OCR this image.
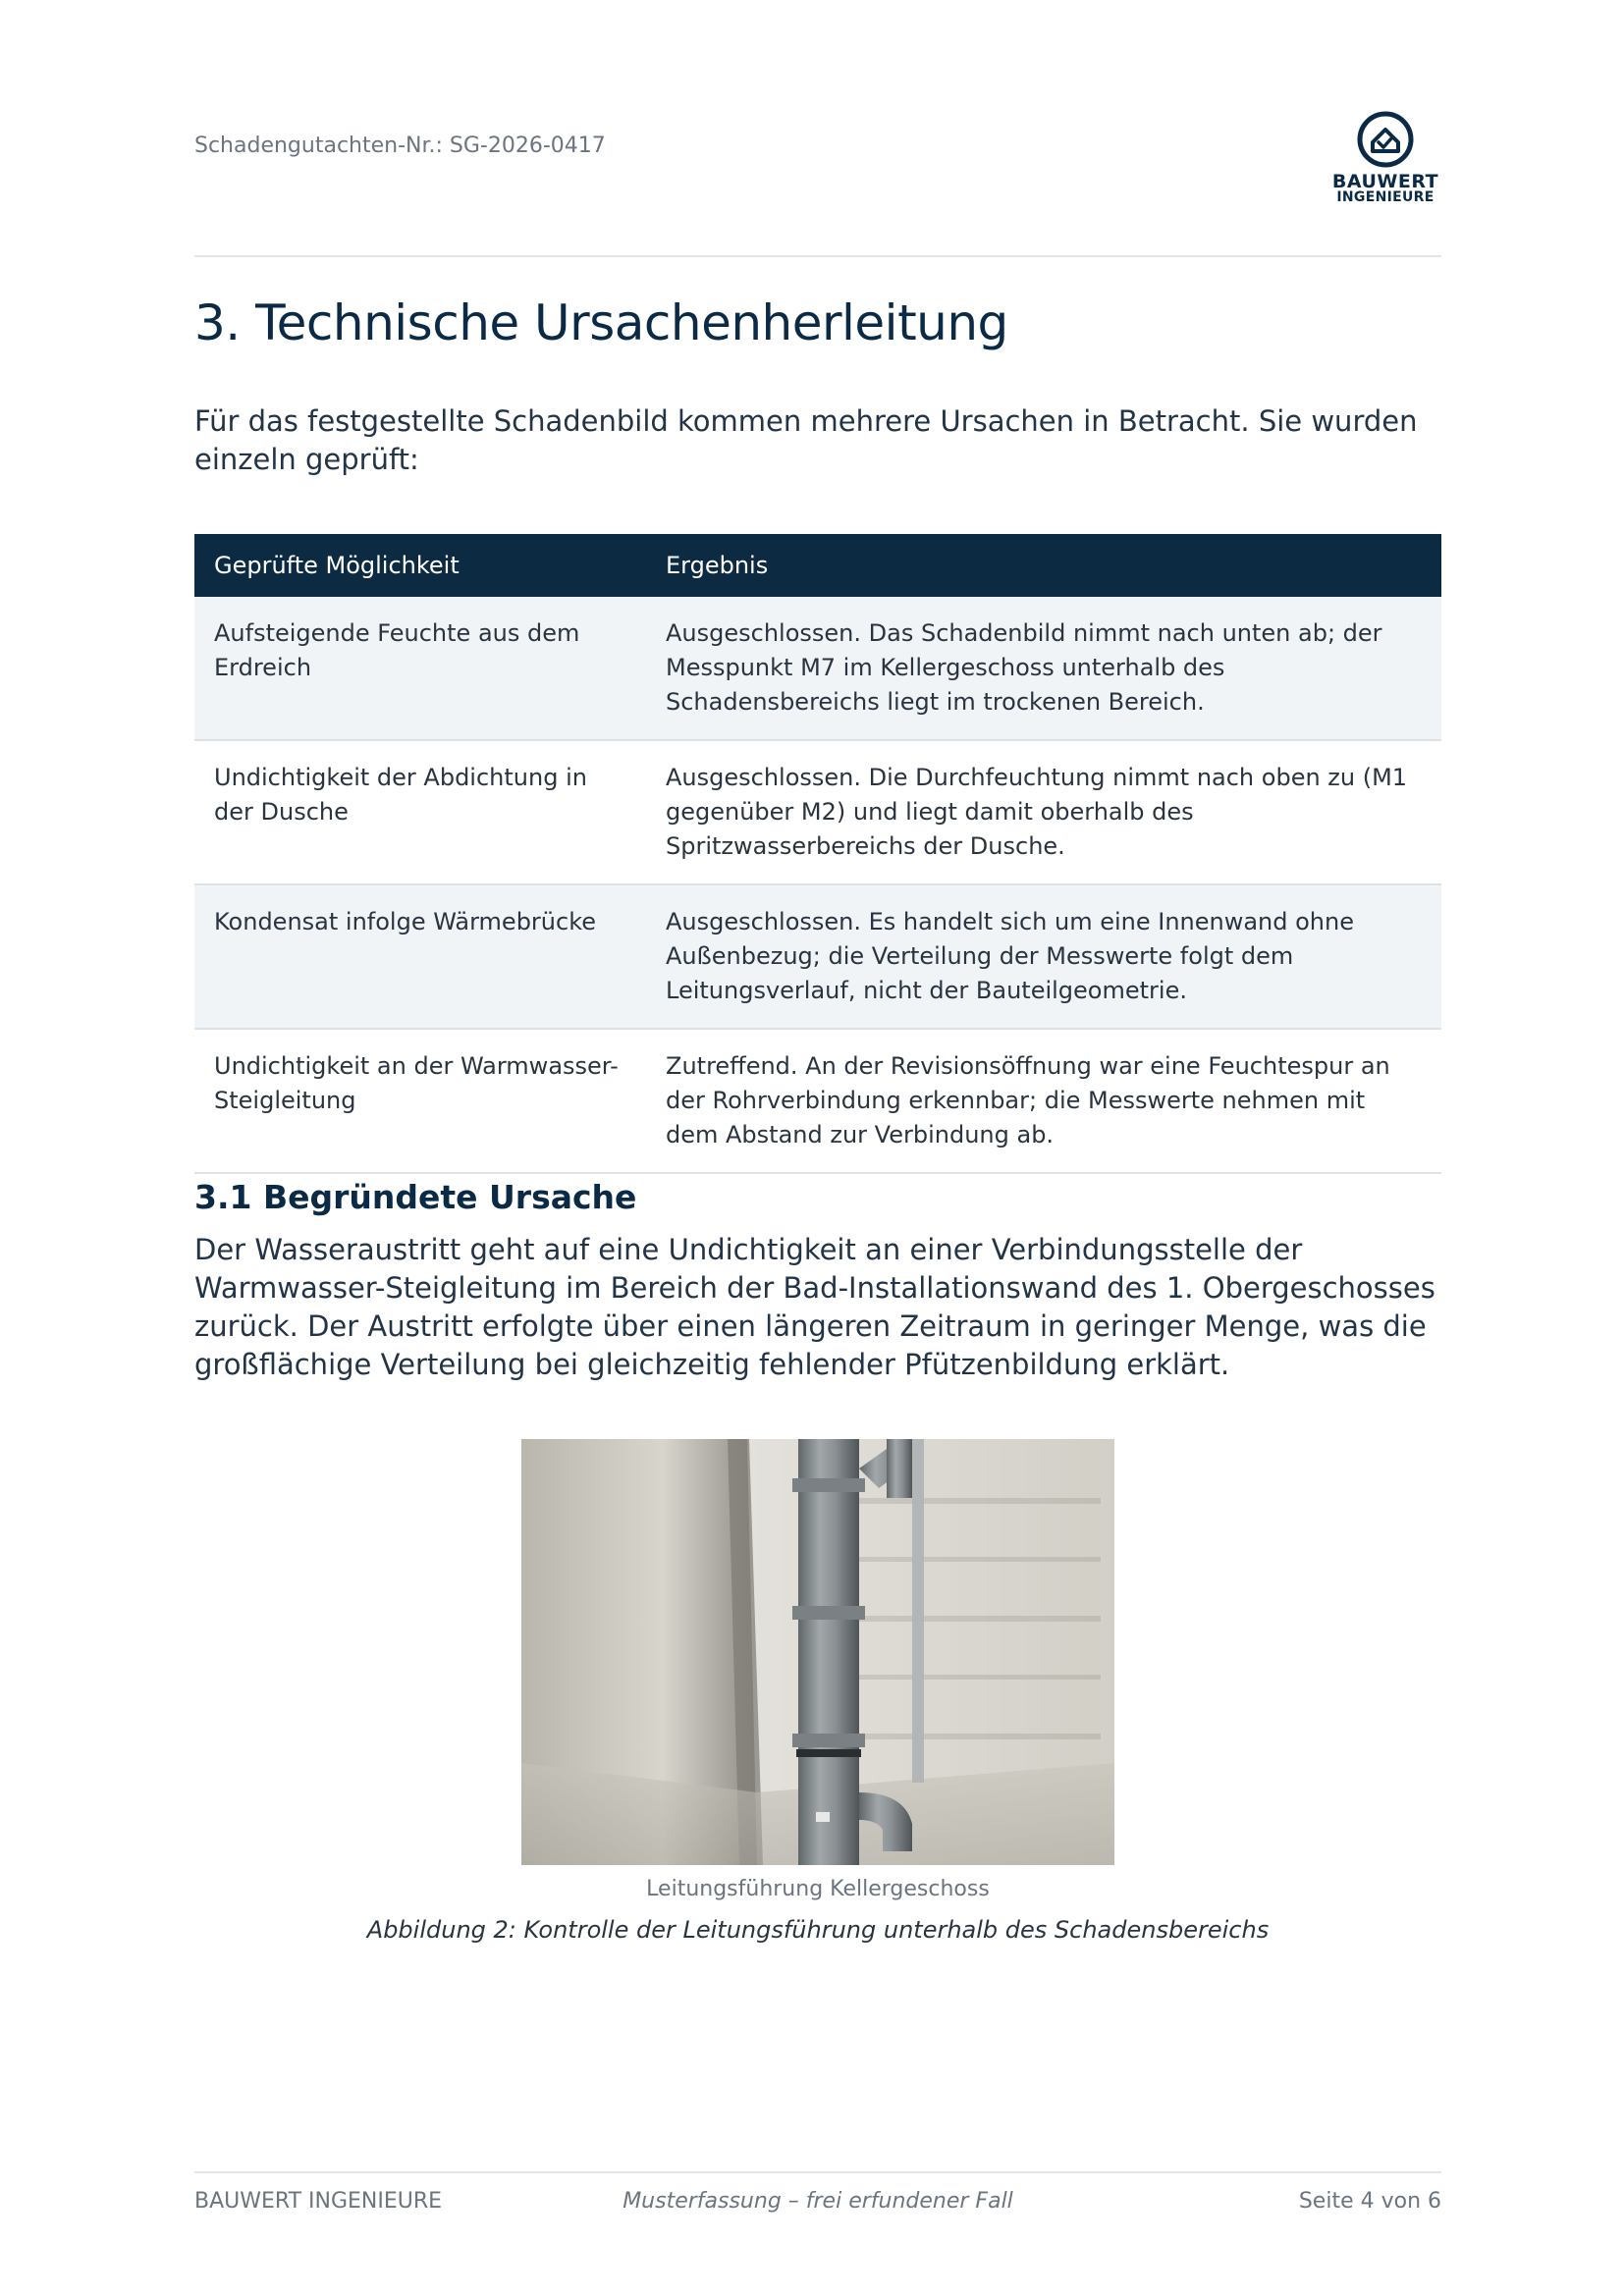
Schadengutachten-Nr.: SG-2026-0417
BAUWERT
INGENIEURE
3. Technische Ursachenherleitung

Für das festgestellte Schadenbild kommen mehrere Ursachen in Betracht. Sie wurden einzeln geprüft:

Geprüfte Möglichkeit	Ergebnis
Aufsteigende Feuchte aus dem Erdreich	Ausgeschlossen. Das Schadenbild nimmt nach unten ab; der Messpunkt M7 im Kellergeschoss unterhalb des Schadensbereichs liegt im trockenen Bereich.
Undichtigkeit der Abdichtung in der Dusche	Ausgeschlossen. Die Durchfeuchtung nimmt nach oben zu (M1 gegenüber M2) und liegt damit oberhalb des Spritzwasserbereichs der Dusche.
Kondensat infolge Wärmebrücke	Ausgeschlossen. Es handelt sich um eine Innenwand ohne Außenbezug; die Verteilung der Messwerte folgt dem Leitungsverlauf, nicht der Bauteilgeometrie.
Undichtigkeit an der Warmwasser-Steigleitung	Zutreffend. An der Revisionsöffnung war eine Feuchtespur an der Rohrverbindung erkennbar; die Messwerte nehmen mit dem Abstand zur Verbindung ab.
3.1 Begründete Ursache

Der Wasseraustritt geht auf eine Undichtigkeit an einer Verbindungsstelle der Warmwasser-Steigleitung im Bereich der Bad-Installationswand des 1. Obergeschosses zurück. Der Austritt erfolgte über einen längeren Zeitraum in geringer Menge, was die großflächige Verteilung bei gleichzeitig fehlender Pfützenbildung erklärt.

Leitungsführung Kellergeschoss
Abbildung 2: Kontrolle der Leitungsführung unterhalb des Schadensbereichs
BAUWERT INGENIEURE	Musterfassung – frei erfundener Fall	Seite 4 von 6
